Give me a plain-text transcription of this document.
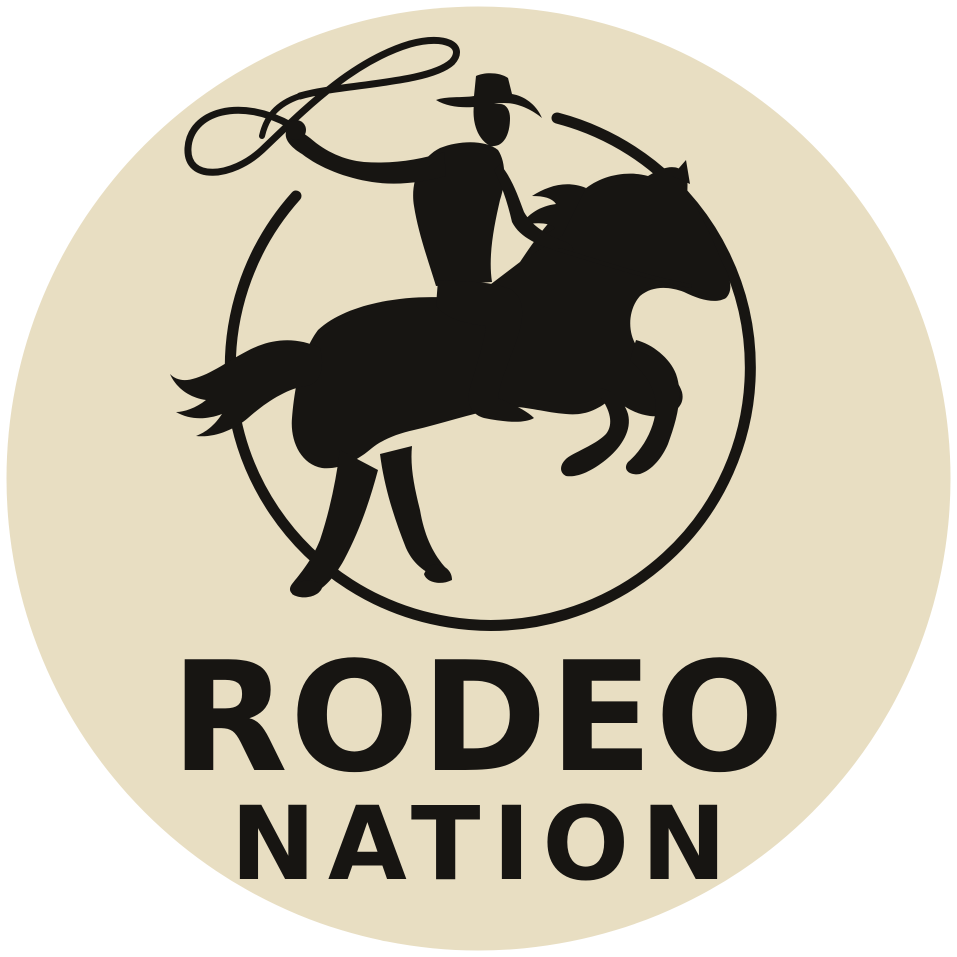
RODEO
NATION
